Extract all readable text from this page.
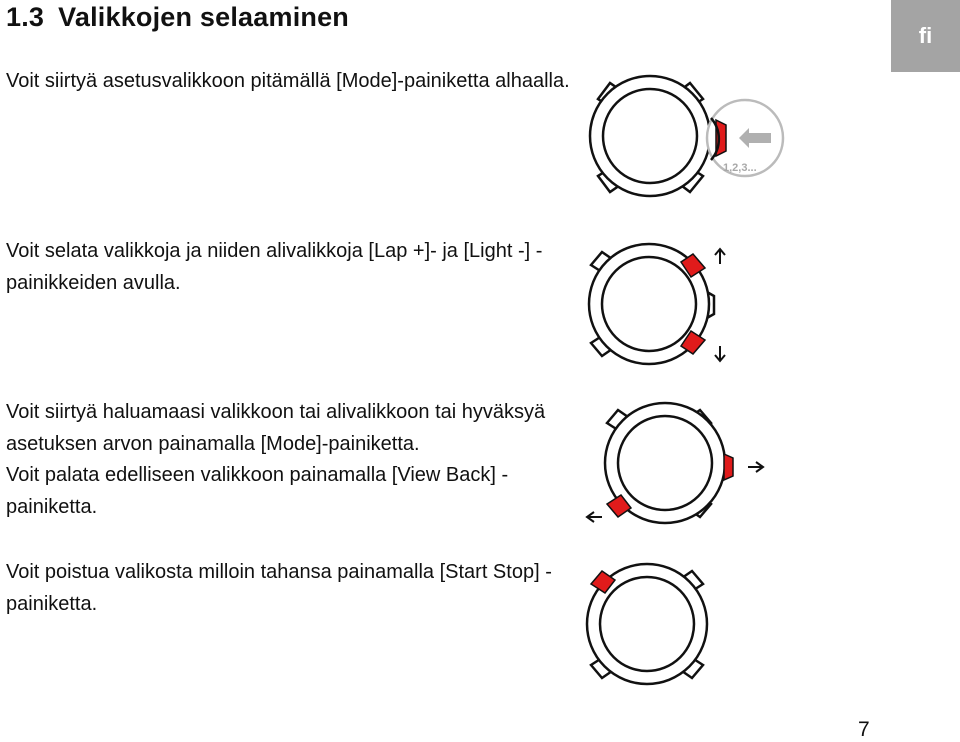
1.3 Valikkojen selaaminen
fi

Voit siirtyä asetusvalikkoon pitämällä [Mode]-painiketta alhaalla.

Voit selata valikkoja ja niiden alivalikkoja [Lap +]- ja [Light -] -painikkeiden avulla.

Voit siirtyä haluamaasi valikkoon tai alivalikkoon tai hyväksyä asetuksen arvon painamalla [Mode]-painiketta.
Voit palata edelliseen valikkoon painamalla [View Back] -painiketta.

Voit poistua valikosta milloin tahansa painamalla [Start Stop] -painiketta.

1,2,3...
7
